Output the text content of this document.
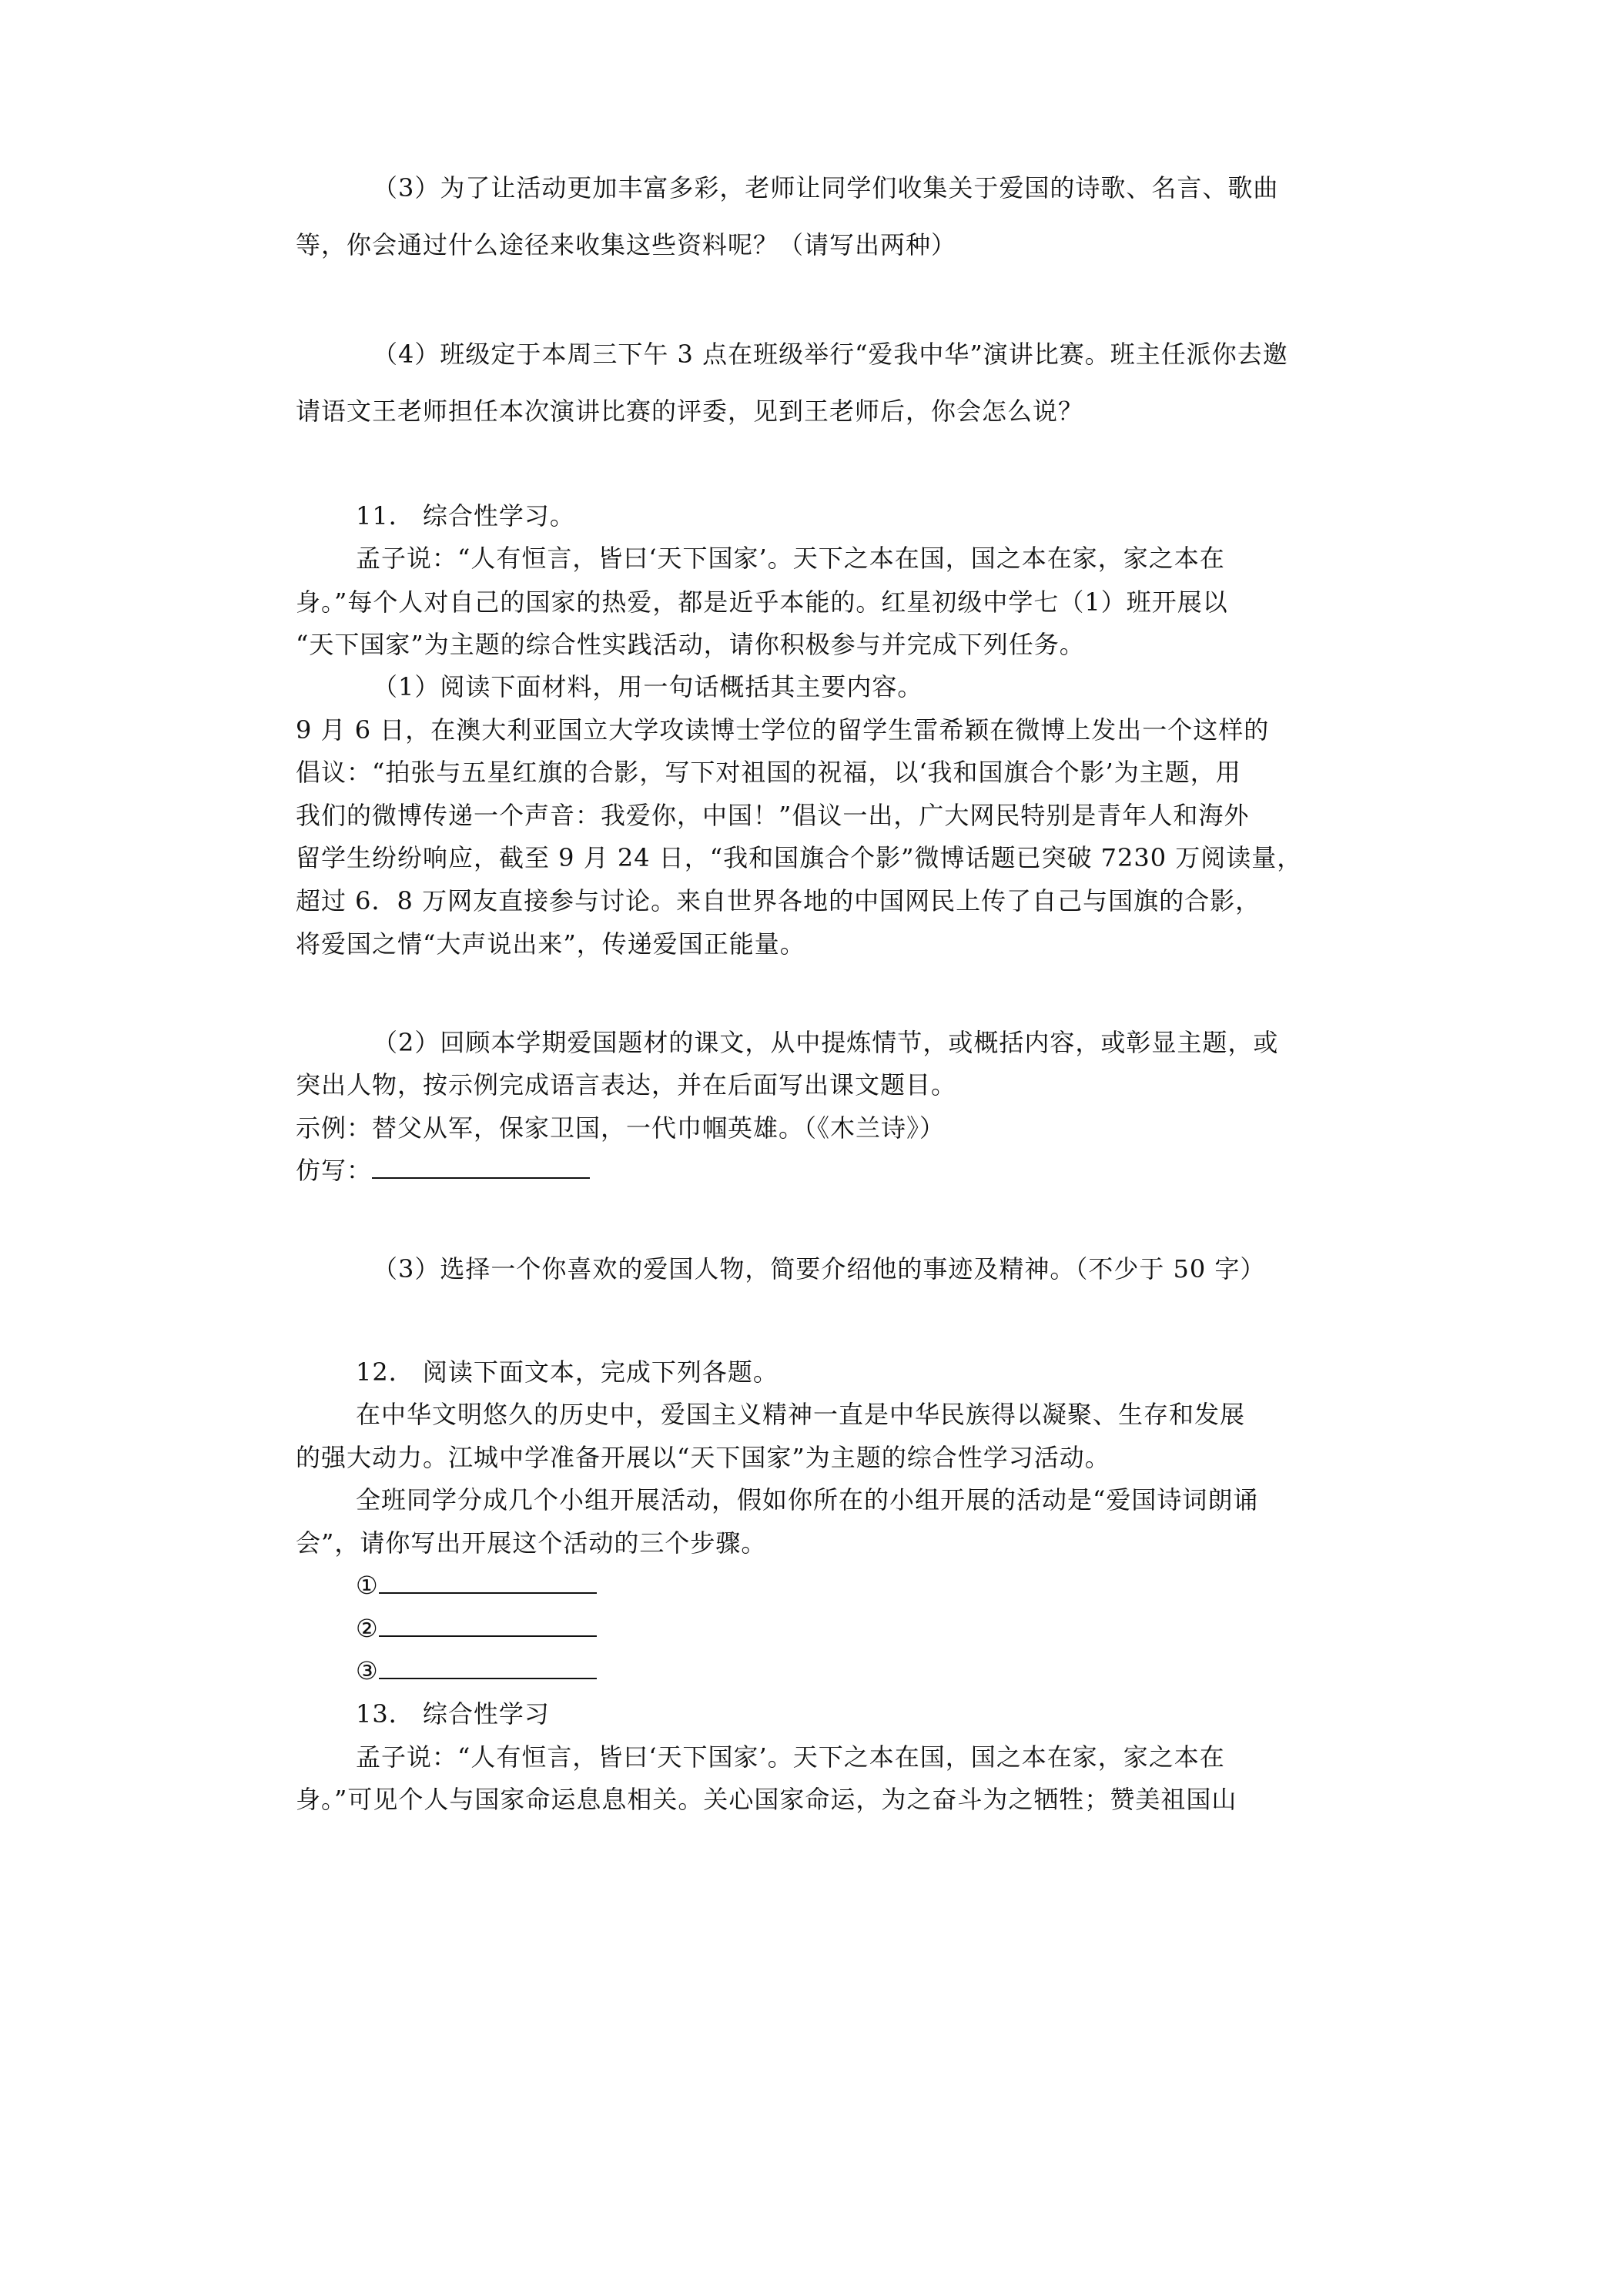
（3）为了让活动更加丰富多彩，老师让同学们收集关于爱国的诗歌、名言、歌曲
等，你会通过什么途径来收集这些资料呢？（请写出两种）
（4）班级定于本周三下午 3 点在班级举行“爱我中华”演讲比赛。班主任派你去邀
请语文王老师担任本次演讲比赛的评委，见到王老师后，你会怎么说？
11． 综合性学习。
孟子说：“人有恒言，皆曰‘天下国家’。天下之本在国，国之本在家，家之本在
身。”每个人对自己的国家的热爱，都是近乎本能的。红星初级中学七（1）班开展以
“天下国家”为主题的综合性实践活动，请你积极参与并完成下列任务。
（1）阅读下面材料，用一句话概括其主要内容。
9 月 6 日，在澳大利亚国立大学攻读博士学位的留学生雷希颖在微博上发出一个这样的
倡议：“拍张与五星红旗的合影，写下对祖国的祝福，以‘我和国旗合个影’为主题，用
我们的微博传递一个声音：我爱你，中国！”倡议一出，广大网民特别是青年人和海外
留学生纷纷响应，截至 9 月 24 日，“我和国旗合个影”微博话题已突破 7230 万阅读量，
超过 6．8 万网友直接参与讨论。来自世界各地的中国网民上传了自己与国旗的合影，
将爱国之情“大声说出来”，传递爱国正能量。
（2）回顾本学期爱国题材的课文，从中提炼情节，或概括内容，或彰显主题，或
突出人物，按示例完成语言表达，并在后面写出课文题目。
示例：替父从军，保家卫国，一代巾帼英雄。（《木兰诗》）
仿写：
（3）选择一个你喜欢的爱国人物，简要介绍他的事迹及精神。（不少于 50 字）
12． 阅读下面文本，完成下列各题。
在中华文明悠久的历史中，爱国主义精神一直是中华民族得以凝聚、生存和发展
的强大动力。江城中学准备开展以“天下国家”为主题的综合性学习活动。
全班同学分成几个小组开展活动，假如你所在的小组开展的活动是“爱国诗词朗诵
会”，请你写出开展这个活动的三个步骤。
①
②
③
13． 综合性学习
孟子说：“人有恒言，皆曰‘天下国家’。天下之本在国，国之本在家，家之本在
身。”可见个人与国家命运息息相关。关心国家命运，为之奋斗为之牺牲；赞美祖国山
